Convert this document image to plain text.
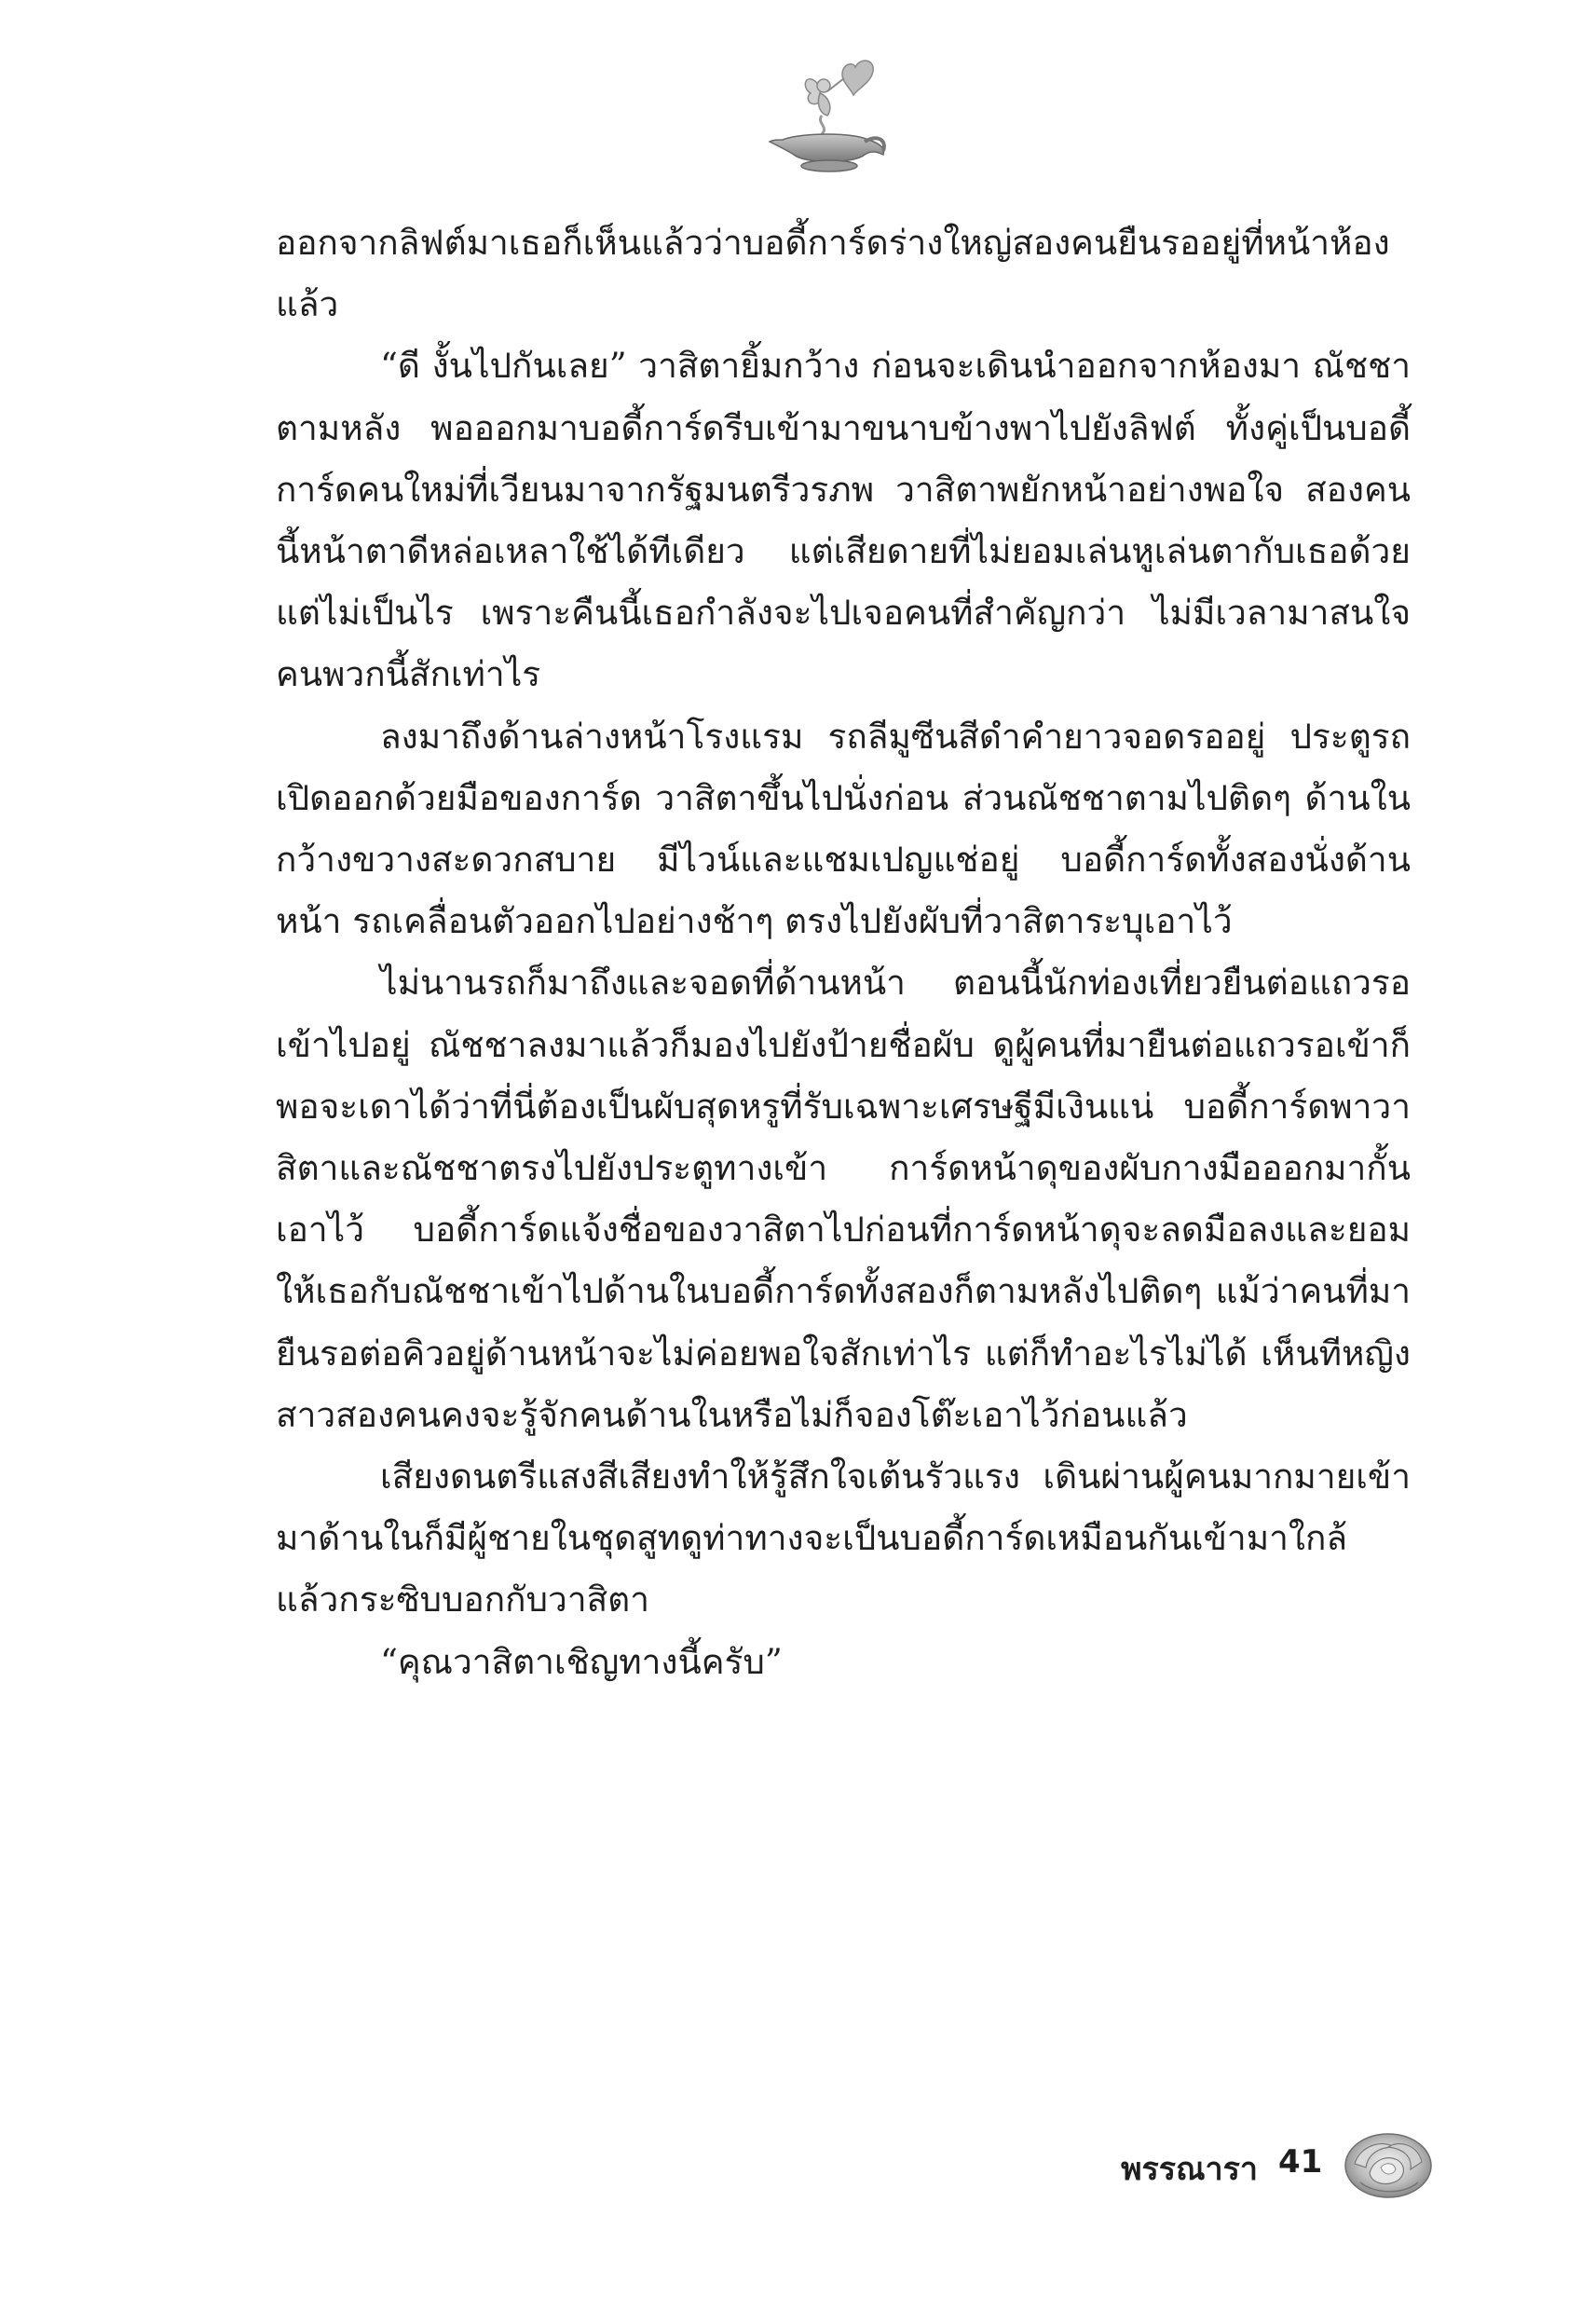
ออกจากลิฟต์มาเธอก็เห็นแล้วว่าบอดี้การ์ดร่างใหญ่สองคนยืนรออยู่ที่หน้าห้องแล้ว

“ดี งั้นไปกันเลย” วาสิตายิ้มกว้าง ก่อนจะเดินนำออกจากห้องมา ณัชชาตามหลัง พอออกมาบอดี้การ์ดรีบเข้ามาขนาบข้างพาไปยังลิฟต์ ทั้งคู่เป็นบอดี้การ์ดคนใหม่ที่เวียนมาจากรัฐมนตรีวรภพ วาสิตาพยักหน้าอย่างพอใจ สองคนนี้หน้าตาดีหล่อเหลาใช้ได้ทีเดียว แต่เสียดายที่ไม่ยอมเล่นหูเล่นตากับเธอด้วย แต่ไม่เป็นไร เพราะคืนนี้เธอกำลังจะไปเจอคนที่สำคัญกว่า ไม่มีเวลามาสนใจคนพวกนี้สักเท่าไร

ลงมาถึงด้านล่างหน้าโรงแรม รถลีมูซีนสีดำคำยาวจอดรออยู่ ประตูรถเปิดออกด้วยมือของการ์ด วาสิตาขึ้นไปนั่งก่อน ส่วนณัชชาตามไปติดๆ ด้านในกว้างขวางสะดวกสบาย มีไวน์และแชมเปญแช่อยู่ บอดี้การ์ดทั้งสองนั่งด้านหน้า รถเคลื่อนตัวออกไปอย่างช้าๆ ตรงไปยังผับที่วาสิตาระบุเอาไว้

ไม่นานรถก็มาถึงและจอดที่ด้านหน้า ตอนนี้นักท่องเที่ยวยืนต่อแถวรอเข้าไปอยู่ ณัชชาลงมาแล้วก็มองไปยังป้ายชื่อผับ ดูผู้คนที่มายืนต่อแถวรอเข้าก็พอจะเดาได้ว่าที่นี่ต้องเป็นผับสุดหรูที่รับเฉพาะเศรษฐีมีเงินแน่ บอดี้การ์ดพาวาสิตาและณัชชาตรงไปยังประตูทางเข้า การ์ดหน้าดุของผับกางมือออกมากั้นเอาไว้ บอดี้การ์ดแจ้งชื่อของวาสิตาไปก่อนที่การ์ดหน้าดุจะลดมือลงและยอมให้เธอกับณัชชาเข้าไปด้านในบอดี้การ์ดทั้งสองก็ตามหลังไปติดๆ แม้ว่าคนที่มายืนรอต่อคิวอยู่ด้านหน้าจะไม่ค่อยพอใจสักเท่าไร แต่ก็ทำอะไรไม่ได้ เห็นทีหญิงสาวสองคนคงจะรู้จักคนด้านในหรือไม่ก็จองโต๊ะเอาไว้ก่อนแล้ว

เสียงดนตรีแสงสีเสียงทำให้รู้สึกใจเต้นรัวแรง เดินผ่านผู้คนมากมายเข้ามาด้านในก็มีผู้ชายในชุดสูทดูท่าทางจะเป็นบอดี้การ์ดเหมือนกันเข้ามาใกล้แล้วกระซิบบอกกับวาสิตา

“คุณวาสิตาเชิญทางนี้ครับ”

พรรณารา 41
